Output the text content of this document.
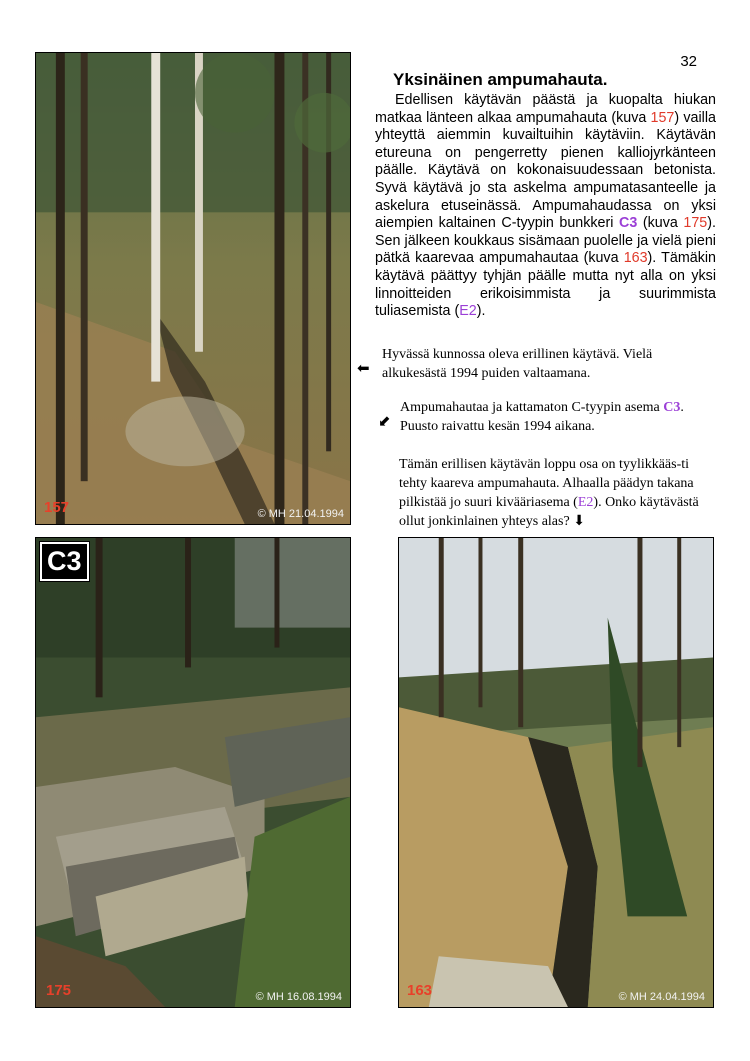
32
157	© MH 21.04.1994
Yksinäinen ampumahauta.

Edellisen käytävän päästä ja kuopalta hiukan matkaa länteen alkaa ampumahauta (kuva 157) vailla yhteyttä aiemmin kuvailtuihin käytäviin. Käytävän etureuna on pengerretty pienen kalliojyrkänteen päälle. Käytävä on kokonaisuudessaan betonista. Syvä käytävä jo sta askelma ampumatasanteelle ja askelura etuseinässä. Ampumahaudassa on yksi aiempien kaltainen C-tyypin bunkkeri C3 (kuva 175). Sen jälkeen koukkaus sisämaan puolelle ja vielä pieni pätkä kaarevaa ampumahautaa (kuva 163). Tämäkin käytävä päättyy tyhjän päälle mutta nyt alla on yksi linnoitteiden erikoisimmista ja suurimmista tuliasemista (E2).

⬅

Hyvässä kunnossa oleva erillinen käytävä. Vielä alkukesästä 1994 puiden valtaamana.

⬋

Ampumahautaa ja kattamaton C-tyypin asema C3. Puusto raivattu kesän 1994 aikana.

Tämän erillisen käytävän loppu osa on tyylikkääs-ti tehty kaareva ampumahauta. Alhaalla päädyn takana pilkistää jo suuri kivääriasema (E2). Onko käytävästä ollut jonkinlainen yhteys alas? ⬇

C3
175	© MH 16.08.1994	163	© MH 24.04.1994
